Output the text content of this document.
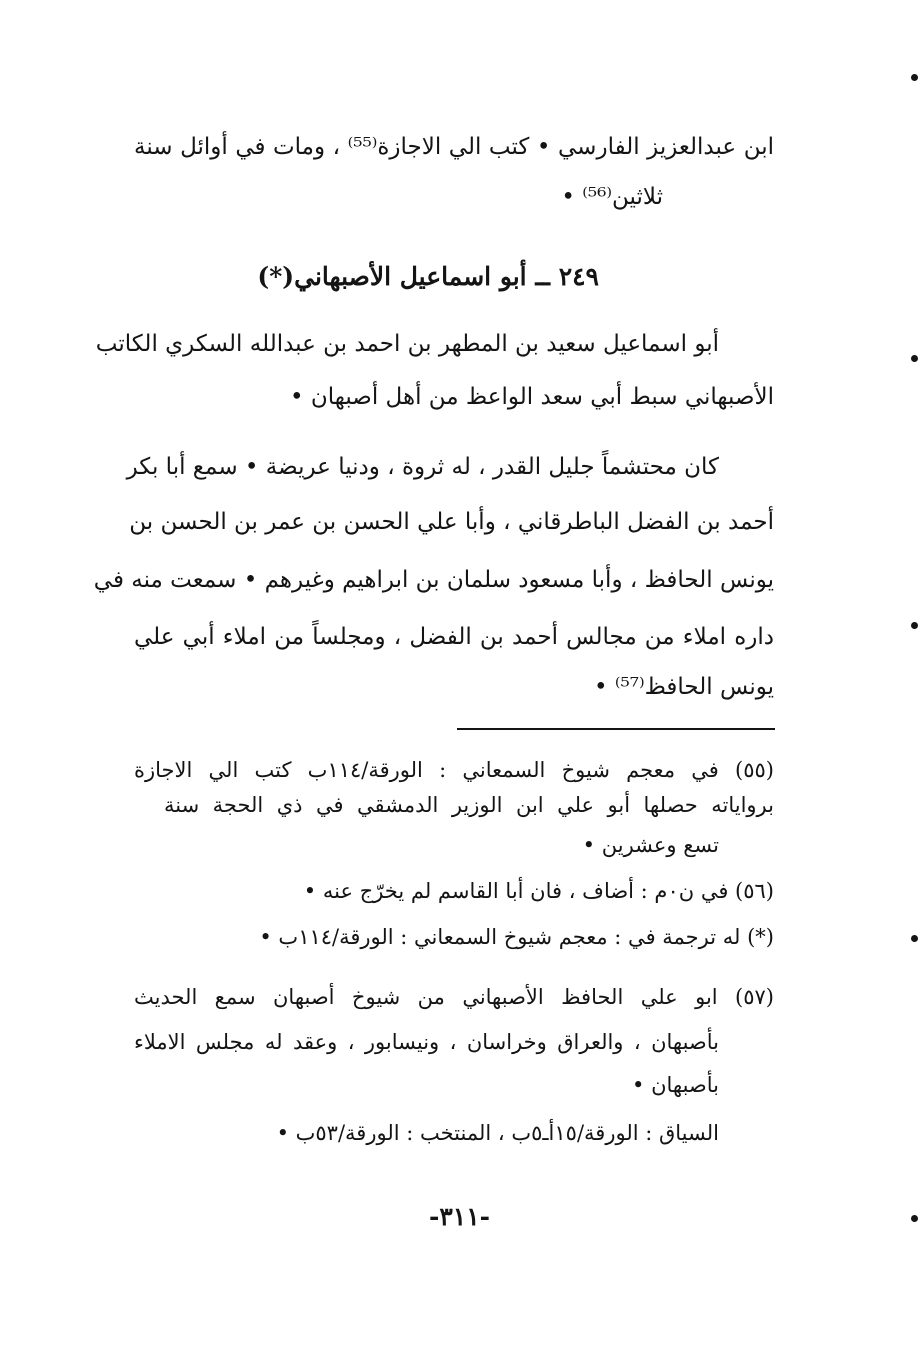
ابن عبدالعزيز الفارسي • كتب الي الاجازة⁽⁵⁵⁾ ، ومات في أوائل سنة
ثلاثين⁽⁵⁶⁾ •
٢٤٩ ــ أبو اسماعيل الأصبهاني(*)
أبو اسماعيل سعيد بن المطهر بن احمد بن عبدالله السكري الكاتب
الأصبهاني سبط أبي سعد الواعظ من أهل أصبهان •
كان محتشماً جليل القدر ، له ثروة ، ودنيا عريضة • سمع أبا بكر
أحمد بن الفضل الباطرقاني ، وأبا علي الحسن بن عمر بن الحسن بن
يونس الحافظ ، وأبا مسعود سلمان بن ابراهيم وغيرهم • سمعت منه في
داره املاء من مجالس أحمد بن الفضل ، ومجلساً من املاء أبي علي
يونس الحافظ⁽⁵⁷⁾ •
(٥٥) في معجم شيوخ السمعاني : الورقة/١١٤ب كتب الي الاجازة
برواياته حصلها أبو علي ابن الوزير الدمشقي في ذي الحجة سنة
تسع وعشرين •
(٥٦) في ن٠م : أضاف ، فان أبا القاسم لم يخرّج عنه •
(*) له ترجمة في : معجم شيوخ السمعاني : الورقة/١١٤ب •
(٥٧) ابو علي الحافظ الأصبهاني من شيوخ أصبهان سمع الحديث
بأصبهان ، والعراق وخراسان ، ونيسابور ، وعقد له مجلس الاملاء
بأصبهان •
السياق : الورقة/١٥أـ٥ب ، المنتخب : الورقة/٥٣ب •
-٣١١-
